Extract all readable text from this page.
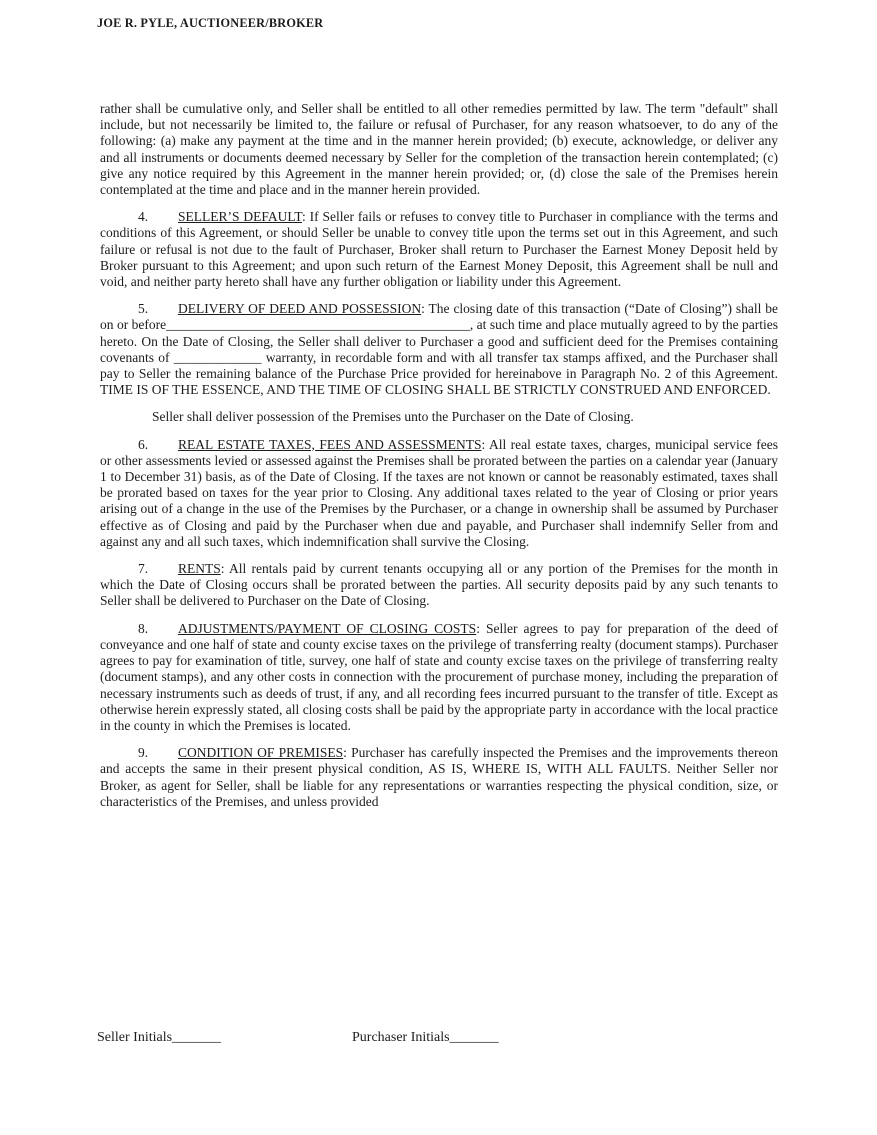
JOE R. PYLE, AUCTIONEER/BROKER

rather shall be cumulative only, and Seller shall be entitled to all other remedies permitted by law. The term "default" shall include, but not necessarily be limited to, the failure or refusal of Purchaser, for any reason whatsoever, to do any of the following: (a) make any payment at the time and in the manner herein provided; (b) execute, acknowledge, or deliver any and all instruments or documents deemed necessary by Seller for the completion of the transaction herein contemplated; (c) give any notice required by this Agreement in the manner herein provided; or, (d) close the sale of the Premises herein contemplated at the time and place and in the manner herein provided.

4. SELLER’S DEFAULT: If Seller fails or refuses to convey title to Purchaser in compliance with the terms and conditions of this Agreement, or should Seller be unable to convey title upon the terms set out in this Agreement, and such failure or refusal is not due to the fault of Purchaser, Broker shall return to Purchaser the Earnest Money Deposit held by Broker pursuant to this Agreement; and upon such return of the Earnest Money Deposit, this Agreement shall be null and void, and neither party hereto shall have any further obligation or liability under this Agreement.

5. DELIVERY OF DEED AND POSSESSION: The closing date of this transaction (“Date of Closing”) shall be on or before_____________________________________________, at such time and place mutually agreed to by the parties hereto. On the Date of Closing, the Seller shall deliver to Purchaser a good and sufficient deed for the Premises containing covenants of _____________ warranty, in recordable form and with all transfer tax stamps affixed, and the Purchaser shall pay to Seller the remaining balance of the Purchase Price provided for hereinabove in Paragraph No. 2 of this Agreement. TIME IS OF THE ESSENCE, AND THE TIME OF CLOSING SHALL BE STRICTLY CONSTRUED AND ENFORCED.

Seller shall deliver possession of the Premises unto the Purchaser on the Date of Closing.

6. REAL ESTATE TAXES, FEES AND ASSESSMENTS: All real estate taxes, charges, municipal service fees or other assessments levied or assessed against the Premises shall be prorated between the parties on a calendar year (January 1 to December 31) basis, as of the Date of Closing. If the taxes are not known or cannot be reasonably estimated, taxes shall be prorated based on taxes for the year prior to Closing. Any additional taxes related to the year of Closing or prior years arising out of a change in the use of the Premises by the Purchaser, or a change in ownership shall be assumed by Purchaser effective as of Closing and paid by the Purchaser when due and payable, and Purchaser shall indemnify Seller from and against any and all such taxes, which indemnification shall survive the Closing.

7. RENTS: All rentals paid by current tenants occupying all or any portion of the Premises for the month in which the Date of Closing occurs shall be prorated between the parties. All security deposits paid by any such tenants to Seller shall be delivered to Purchaser on the Date of Closing.

8. ADJUSTMENTS/PAYMENT OF CLOSING COSTS: Seller agrees to pay for preparation of the deed of conveyance and one half of state and county excise taxes on the privilege of transferring realty (document stamps). Purchaser agrees to pay for examination of title, survey, one half of state and county excise taxes on the privilege of transferring realty (document stamps), and any other costs in connection with the procurement of purchase money, including the preparation of necessary instruments such as deeds of trust, if any, and all recording fees incurred pursuant to the transfer of title. Except as otherwise herein expressly stated, all closing costs shall be paid by the appropriate party in accordance with the local practice in the county in which the Premises is located.

9. CONDITION OF PREMISES: Purchaser has carefully inspected the Premises and the improvements thereon and accepts the same in their present physical condition, AS IS, WHERE IS, WITH ALL FAULTS. Neither Seller nor Broker, as agent for Seller, shall be liable for any representations or warranties respecting the physical condition, size, or characteristics of the Premises, and unless provided

Seller Initials_______	Purchaser Initials_______
